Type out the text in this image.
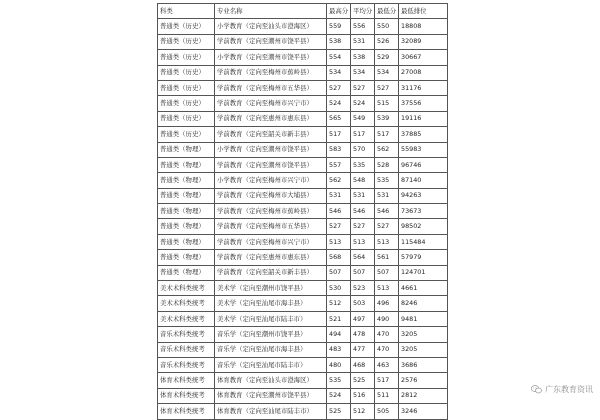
科类	专业名称	最高分	平均分	最低分	最低排位
普通类（历史）	小学教育（定向至汕头市澄海区）	559	556	550	18808
普通类（历史）	学前教育（定向至潮州市饶平县）	538	531	526	32089
普通类（历史）	小学教育（定向至潮州市饶平县）	554	538	529	30667
普通类（历史）	学前教育（定向至梅州市蕉岭县）	534	534	534	27008
普通类（历史）	学前教育（定向至梅州市五华县）	527	527	527	31176
普通类（历史）	学前教育（定向至梅州市兴宁市）	524	524	515	37556
普通类（历史）	学前教育（定向至惠州市惠东县）	565	549	539	19116
普通类（历史）	学前教育（定向至韶关市新丰县）	517	517	517	37885
普通类（物理）	小学教育（定向至潮州市饶平县）	583	570	562	55983
普通类（物理）	学前教育（定向至潮州市饶平县）	557	535	528	96746
普通类（物理）	小学教育（定向至梅州市兴宁市）	562	548	535	87140
普通类（物理）	学前教育（定向至梅州市大埔县）	531	531	531	94263
普通类（物理）	学前教育（定向至梅州市蕉岭县）	546	546	546	73673
普通类（物理）	学前教育（定向至梅州市五华县）	527	527	527	98502
普通类（物理）	学前教育（定向至梅州市兴宁市）	513	513	513	115484
普通类（物理）	学前教育（定向至惠州市惠东县）	568	564	561	57979
普通类（物理）	学前教育（定向至韶关市新丰县）	507	507	507	124701
美术术科类统考	美术学（定向至潮州市饶平县）	530	523	513	4661
美术术科类统考	美术学（定向至汕尾市海丰县）	512	503	496	8246
美术术科类统考	美术学（定向至汕尾市陆丰市）	521	497	490	9481
音乐术科类统考	音乐学（定向至潮州市饶平县）	494	478	470	3205
音乐术科类统考	音乐学（定向至汕尾市海丰县）	483	477	470	3205
音乐术科类统考	音乐学（定向至汕尾市陆丰市）	480	468	463	3686
体育术科类统考	体育教育（定向至汕头市澄海区）	535	525	517	2576
体育术科类统考	体育教育（定向至潮州市饶平县）	524	516	511	2812
体育术科类统考	体育教育（定向至汕尾市陆丰市）	525	512	505	3246
广东教育资讯
